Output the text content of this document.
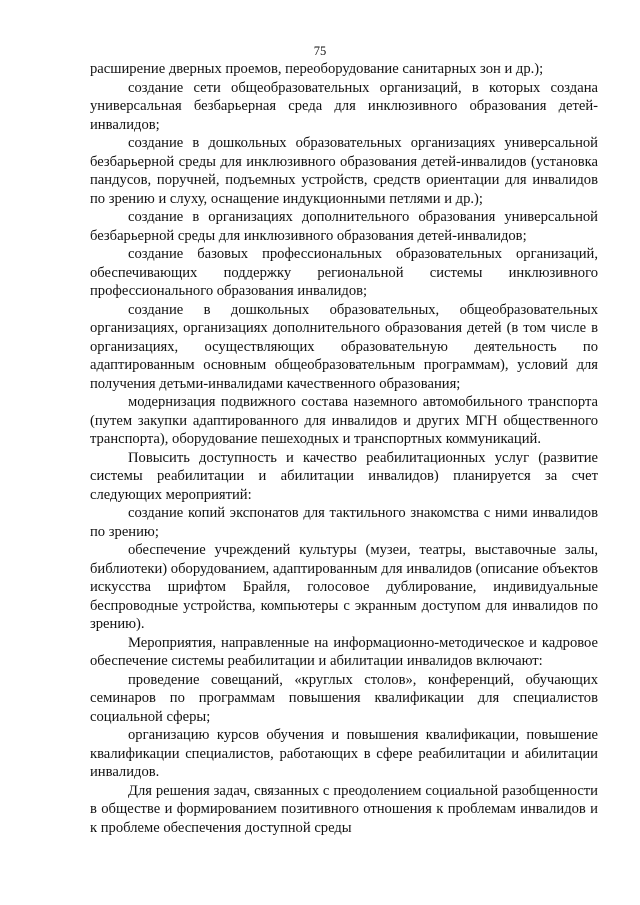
75

расширение дверных проемов, переоборудование санитарных зон и др.);

создание сети общеобразовательных организаций, в которых создана универсальная безбарьерная среда для инклюзивного образования детей-инвалидов;

создание в дошкольных образовательных организациях универсальной безбарьерной среды для инклюзивного образования детей-инвалидов (установка пандусов, поручней, подъемных устройств, средств ориентации для инвалидов по зрению и слуху, оснащение индукционными петлями и др.);

создание в организациях дополнительного образования универсальной безбарьерной среды для инклюзивного образования детей-инвалидов;

создание базовых профессиональных образовательных организаций, обеспечивающих поддержку региональной системы инклюзивного профессионального образования инвалидов;

создание в дошкольных образовательных, общеобразовательных организациях, организациях дополнительного образования детей (в том числе в организациях, осуществляющих образовательную деятельность по адаптированным основным общеобразовательным программам), условий для получения детьми-инвалидами качественного образования;

модернизация подвижного состава наземного автомобильного транспорта (путем закупки адаптированного для инвалидов и других МГН общественного транспорта), оборудование пешеходных и транспортных коммуникаций.

Повысить доступность и качество реабилитационных услуг (развитие системы реабилитации и абилитации инвалидов) планируется за счет следующих мероприятий:

создание копий экспонатов для тактильного знакомства с ними инвалидов по зрению;

обеспечение учреждений культуры (музеи, театры, выставочные залы, библиотеки) оборудованием, адаптированным для инвалидов (описание объектов искусства шрифтом Брайля, голосовое дублирование, индивидуальные беспроводные устройства, компьютеры с экранным доступом для инвалидов по зрению).

Мероприятия, направленные на информационно-методическое и кадровое обеспечение системы реабилитации и абилитации инвалидов включают:

проведение совещаний, «круглых столов», конференций, обучающих семинаров по программам повышения квалификации для специалистов социальной сферы;

организацию курсов обучения и повышения квалификации, повышение квалификации специалистов, работающих в сфере реабилитации и абилитации инвалидов.

Для решения задач, связанных с преодолением социальной разобщенности в обществе и формированием позитивного отношения к проблемам инвалидов и к проблеме обеспечения доступной среды
